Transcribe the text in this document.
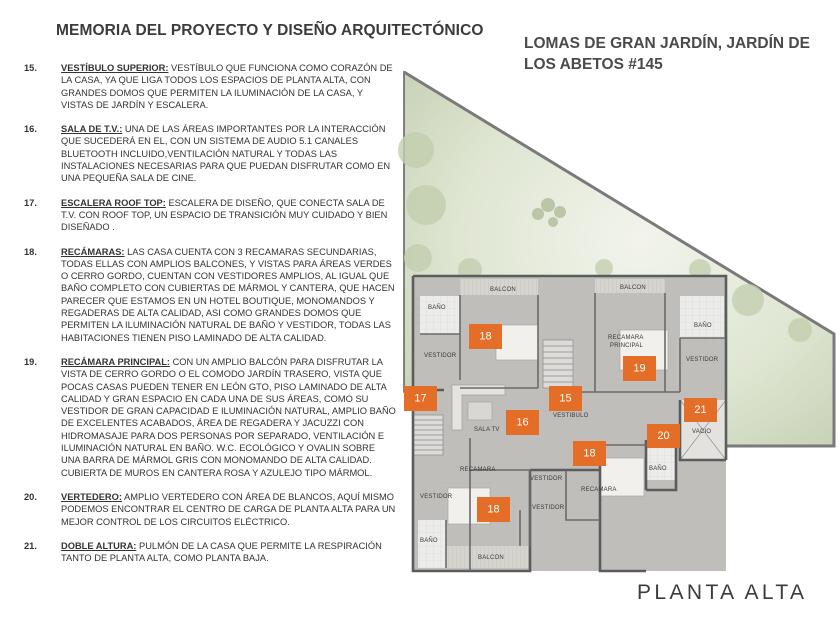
MEMORIA DEL PROYECTO Y DISEÑO ARQUITECTÓNICO
LOMAS DE GRAN JARDÍN, JARDÍN DE LOS ABETOS #145
15.	VESTÍBULO SUPERIOR: VESTÍBULO QUE FUNCIONA COMO CORAZÓN DE LA CASA, YA QUE LIGA TODOS LOS ESPACIOS DE PLANTA ALTA, CON GRANDES DOMOS QUE PERMITEN LA ILUMINACIÓN DE LA CASA, Y VISTAS DE JARDÍN Y ESCALERA.
16.	SALA DE T.V.: UNA DE LAS ÁREAS IMPORTANTES POR LA INTERACCIÓN QUE SUCEDERÁ EN EL, CON UN SISTEMA DE AUDIO 5.1 CANALES BLUETOOTH INCLUIDO,VENTILACIÓN NATURAL Y TODAS LAS INSTALACIONES NECESARIAS PARA QUE PUEDAN DISFRUTAR COMO EN UNA PEQUEÑA SALA DE CINE.
17.	ESCALERA ROOF TOP: ESCALERA DE DISEÑO, QUE CONECTA SALA DE T.V. CON ROOF TOP, UN ESPACIO DE TRANSICIÓN MUY CUIDADO Y BIEN DISEÑADO .
18.	RECÁMARAS: LAS CASA CUENTA CON 3 RECAMARAS SECUNDARIAS, TODAS ELLAS CON AMPLIOS BALCONES, Y VISTAS PARA ÁREAS VERDES O CERRO GORDO, CUENTAN CON VESTIDORES AMPLIOS, AL IGUAL QUE BAÑO COMPLETO CON CUBIERTAS DE MÁRMOL Y CANTERA, QUE HACEN PARECER QUE ESTAMOS EN UN HOTEL BOUTIQUE, MONOMANDOS Y REGADERAS DE ALTA CALIDAD, ASI COMO GRANDES DOMOS QUE PERMITEN LA ILUMINACIÓN NATURAL DE BAÑO Y VESTIDOR, TODAS LAS HABITACIONES TIENEN PISO LAMINADO DE ALTA CALIDAD.
19.	RECÁMARA PRINCIPAL: CON UN AMPLIO BALCÓN PARA DISFRUTAR LA VISTA DE CERRO GORDO O EL COMODO JARDÍN TRASERO, VISTA QUE POCAS CASAS PUEDEN TENER EN LEÓN GTO, PISO LAMINADO DE ALTA CALIDAD Y GRAN ESPACIO EN CADA UNA DE SUS ÁREAS, COMO SU VESTIDOR DE GRAN CAPACIDAD E ILUMINACIÓN NATURAL, AMPLIO BAÑO DE EXCELENTES ACABADOS, ÁREA DE REGADERA Y JACUZZI CON HIDROMASAJE PARA DOS PERSONAS POR SEPARADO, VENTILACIÓN E ILUMINACIÓN NATURAL EN BAÑO. W.C. ECOLÓGICO Y OVALIN SOBRE UNA BARRA DE MÁRMOL GRIS CON MONOMANDO DE ALTA CALIDAD. CUBIERTA DE MUROS EN CANTERA ROSA Y AZULEJO TIPO MÁRMOL.
20.	VERTEDERO: AMPLIO VERTEDERO CON ÁREA DE BLANCOS, AQUÍ MISMO PODEMOS ENCONTRAR EL CENTRO DE CARGA DE PLANTA ALTA PARA UN MEJOR CONTROL DE LOS CIRCUITOS ELÉCTRICO.
21.	DOBLE ALTURA: PULMÓN DE LA CASA QUE PERMITE LA RESPIRACIÓN TANTO DE PLANTA ALTA, COMO PLANTA BAJA.
BALCON	BALCON
BALCON
BAÑO
BAÑO
BAÑO
BAÑO
VESTIDOR
VESTIDOR
VESTIDOR
VESTIDOR
VESTIDOR
RECAMARA
PRINCIPAL
RECAMARA
RECAMARA
VESTIBULO
SALA TV	VACIO
17
18
19
15
16
21
20
18
18
PLANTA ALTA
